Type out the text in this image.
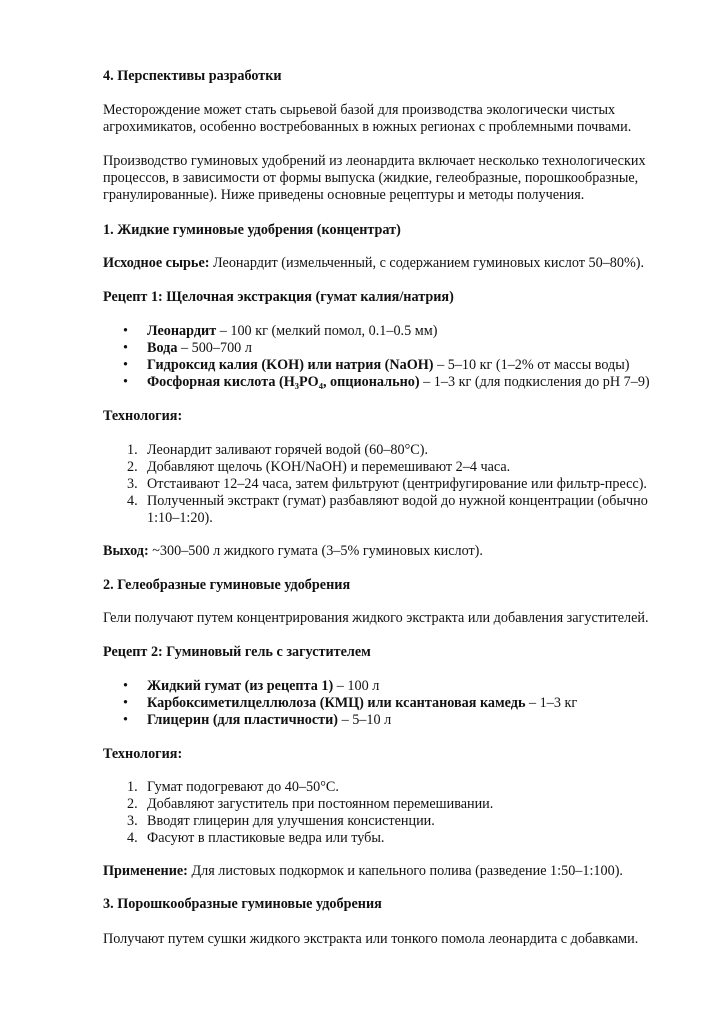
4. Перспективы разработки

Месторождение может стать сырьевой базой для производства экологически чистых агрохимикатов, особенно востребованных в южных регионах с проблемными почвами.

Производство гуминовых удобрений из леонардита включает несколько технологических процессов, в зависимости от формы выпуска (жидкие, гелеобразные, порошкообразные, гранулированные). Ниже приведены основные рецептуры и методы получения.

1. Жидкие гуминовые удобрения (концентрат)

Исходное сырье: Леонардит (измельченный, с содержанием гуминовых кислот 50–80%).

Рецепт 1: Щелочная экстракция (гумат калия/натрия)

• Леонардит – 100 кг (мелкий помол, 0.1–0.5 мм)
• Вода – 500–700 л
• Гидроксид калия (KOH) или натрия (NaOH) – 5–10 кг (1–2% от массы воды)
• Фосфорная кислота (H₃PO₄, опционально) – 1–3 кг (для подкисления до pH 7–9)

Технология:

1. Леонардит заливают горячей водой (60–80°C).
2. Добавляют щелочь (KOH/NaOH) и перемешивают 2–4 часа.
3. Отстаивают 12–24 часа, затем фильтруют (центрифугирование или фильтр-пресс).
4. Полученный экстракт (гумат) разбавляют водой до нужной концентрации (обычно 1:10–1:20).

Выход: ~300–500 л жидкого гумата (3–5% гуминовых кислот).

2. Гелеобразные гуминовые удобрения

Гели получают путем концентрирования жидкого экстракта или добавления загустителей.

Рецепт 2: Гуминовый гель с загустителем

• Жидкий гумат (из рецепта 1) – 100 л
• Карбоксиметилцеллюлоза (КМЦ) или ксантановая камедь – 1–3 кг
• Глицерин (для пластичности) – 5–10 л

Технология:

1. Гумат подогревают до 40–50°C.
2. Добавляют загуститель при постоянном перемешивании.
3. Вводят глицерин для улучшения консистенции.
4. Фасуют в пластиковые ведра или тубы.

Применение: Для листовых подкормок и капельного полива (разведение 1:50–1:100).

3. Порошкообразные гуминовые удобрения

Получают путем сушки жидкого экстракта или тонкого помола леонардита с добавками.
